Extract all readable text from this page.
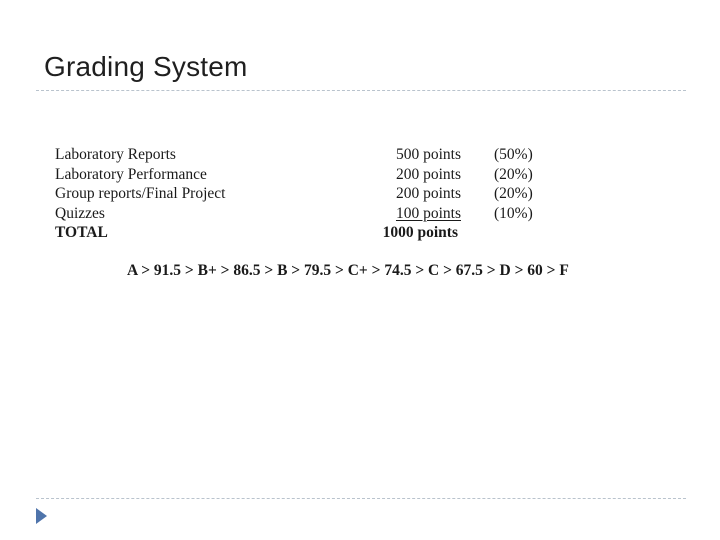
Grading System
Laboratory Reports	500 points (50%)
Laboratory Performance	200 points (20%)
Group reports/Final Project	200 points (20%)
Quizzes	100 points (10%)
TOTAL	1000 points
A > 91.5 > B+ > 86.5 > B > 79.5 > C+ > 74.5 > C > 67.5 > D > 60 > F
